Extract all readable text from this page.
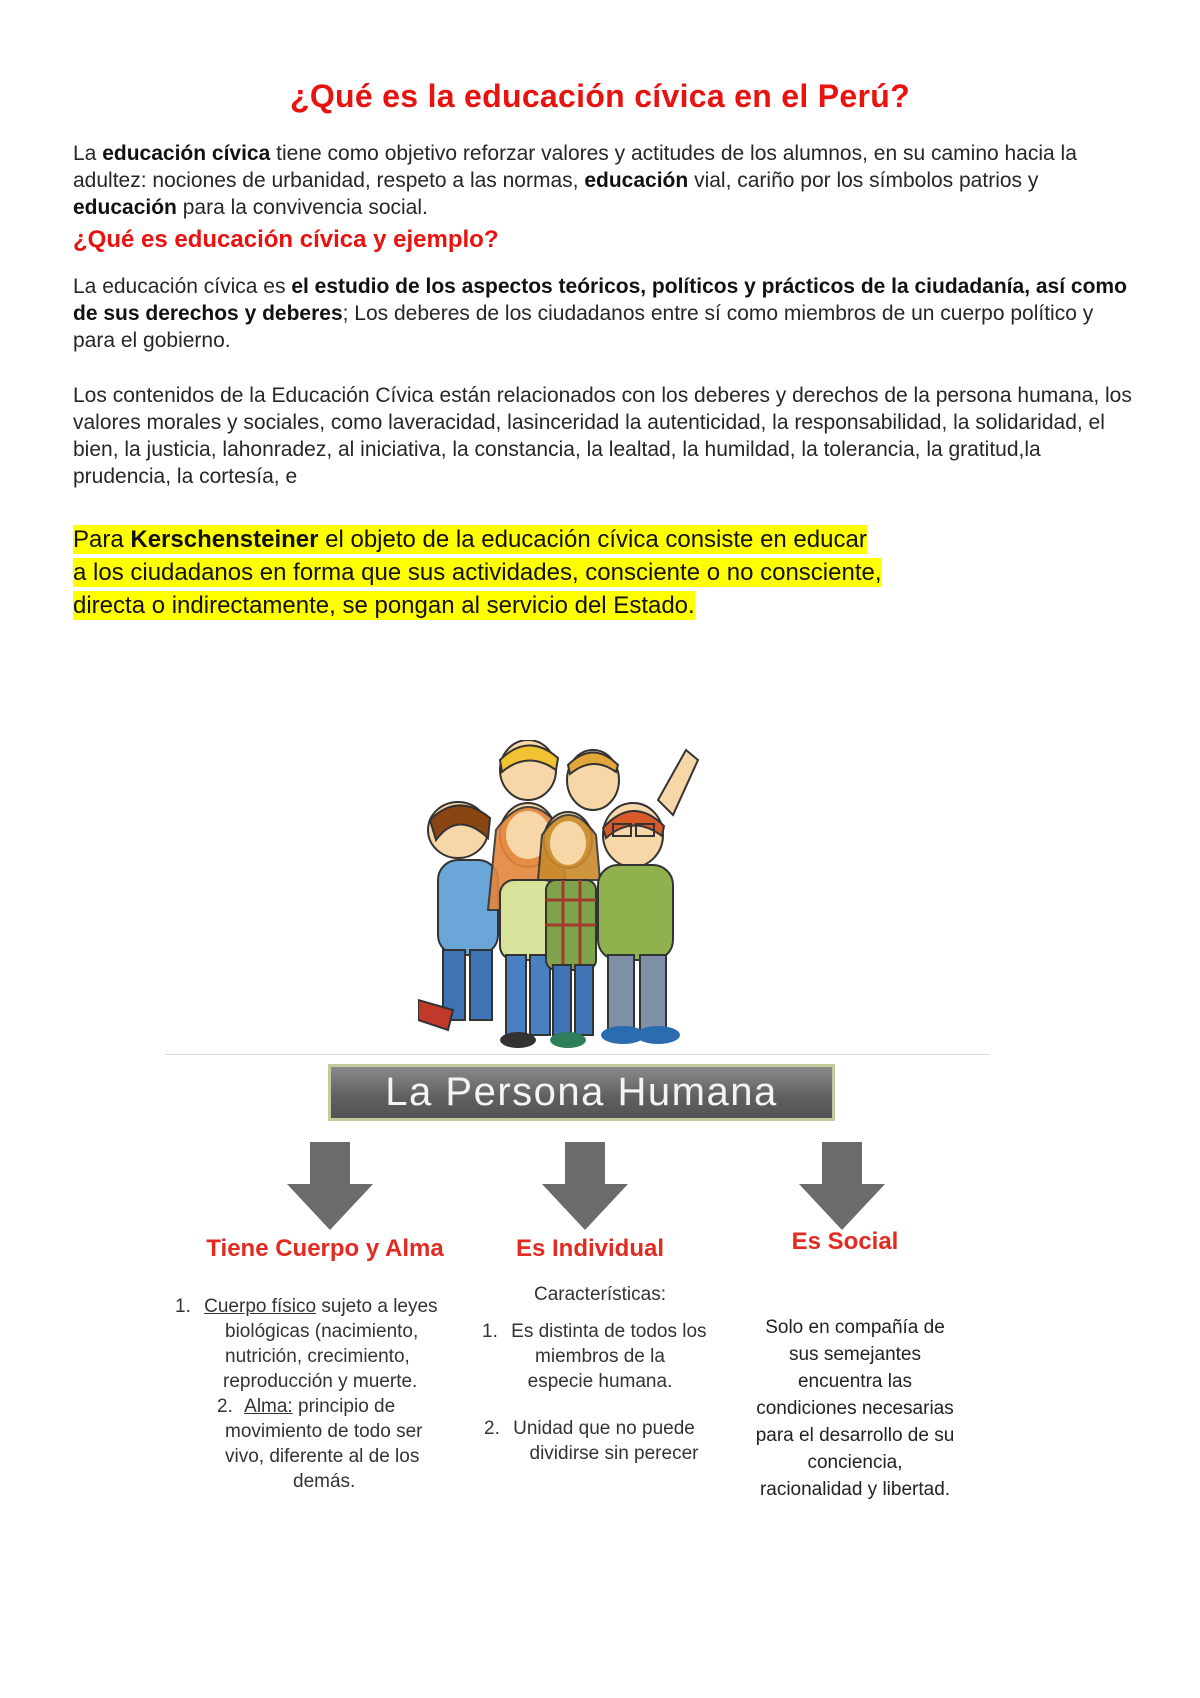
¿Qué es la educación cívica en el Perú?
La educación cívica tiene como objetivo reforzar valores y actitudes de los alumnos, en su camino hacia la adultez: nociones de urbanidad, respeto a las normas, educación vial, cariño por los símbolos patrios y educación para la convivencia social.
¿Qué es educación cívica y ejemplo?
La educación cívica es el estudio de los aspectos teóricos, políticos y prácticos de la ciudadanía, así como de sus derechos y deberes; Los deberes de los ciudadanos entre sí como miembros de un cuerpo político y para el gobierno.
Los contenidos de la Educación Cívica están relacionados con los deberes y derechos de la persona humana, los valores morales y sociales, como laveracidad, lasinceridad la autenticidad, la responsabilidad, la solidaridad, el bien, la justicia, lahonradez, al iniciativa, la constancia, la lealtad, la humildad, la tolerancia, la gratitud,la prudencia, la cortesía, e
Para Kerschensteiner el objeto de la educación cívica consiste en educar
a los ciudadanos en forma que sus actividades, consciente o no consciente,
directa o indirectamente, se pongan al servicio del Estado.
La Persona Humana
Tiene Cuerpo y Alma
1. Cuerpo físico sujeto a leyes
biológicas (nacimiento,
nutrición, crecimiento,
reproducción y muerte.
2. Alma: principio de
movimiento de todo ser
vivo, diferente al de los
demás.
Es Individual
Características:
1. Es distinta de todos los
miembros de la
especie humana.
2. Unidad que no puede
dividirse sin perecer
Es Social
Solo en compañía de
sus semejantes
encuentra las
condiciones necesarias
para el desarrollo de su
conciencia,
racionalidad y libertad.
